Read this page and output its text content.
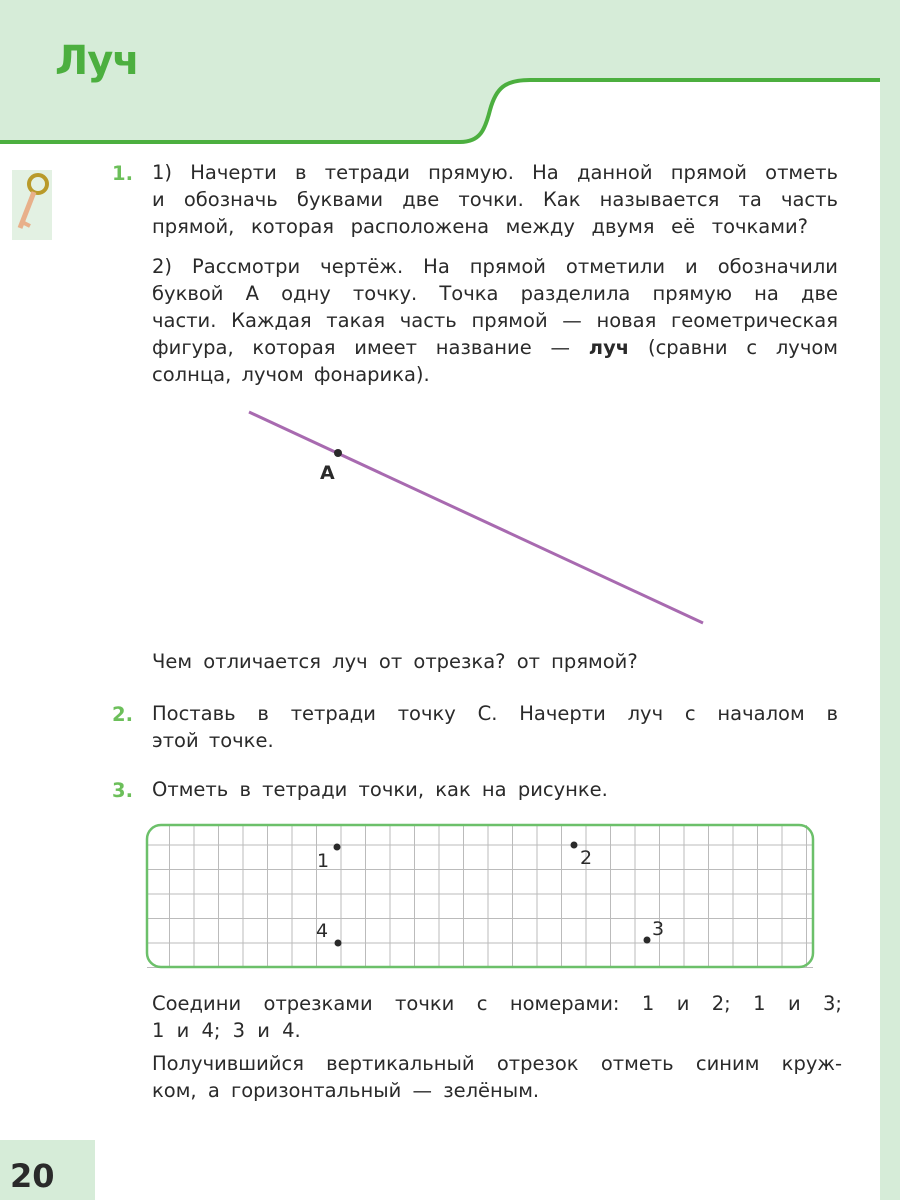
Луч
1. 1) Начерти в тетради прямую. На данной прямой отметь
и обозначь буквами две точки. Как называется та часть
прямой, которая расположена между двумя её точками?
2) Рассмотри чертёж. На прямой отметили и обозначили
буквой A одну точку. Точка разделила прямую на две
части. Каждая такая часть прямой — новая геометрическая
фигура, которая имеет название — луч (сравни с лучом
солнца, лучом фонарика).
A
Чем отличается луч от отрезка? от прямой?
2. Поставь в тетради точку С. Начерти луч с началом в
этой точке.
3. Отметь в тетради точки, как на рисунке.
1	2
3
4
Соедини отрезками точки с номерами: 1 и 2; 1 и 3;
1 и 4; 3 и 4.
Получившийся вертикальный отрезок отметь синим круж-
ком, а горизонтальный — зелёным.
20
